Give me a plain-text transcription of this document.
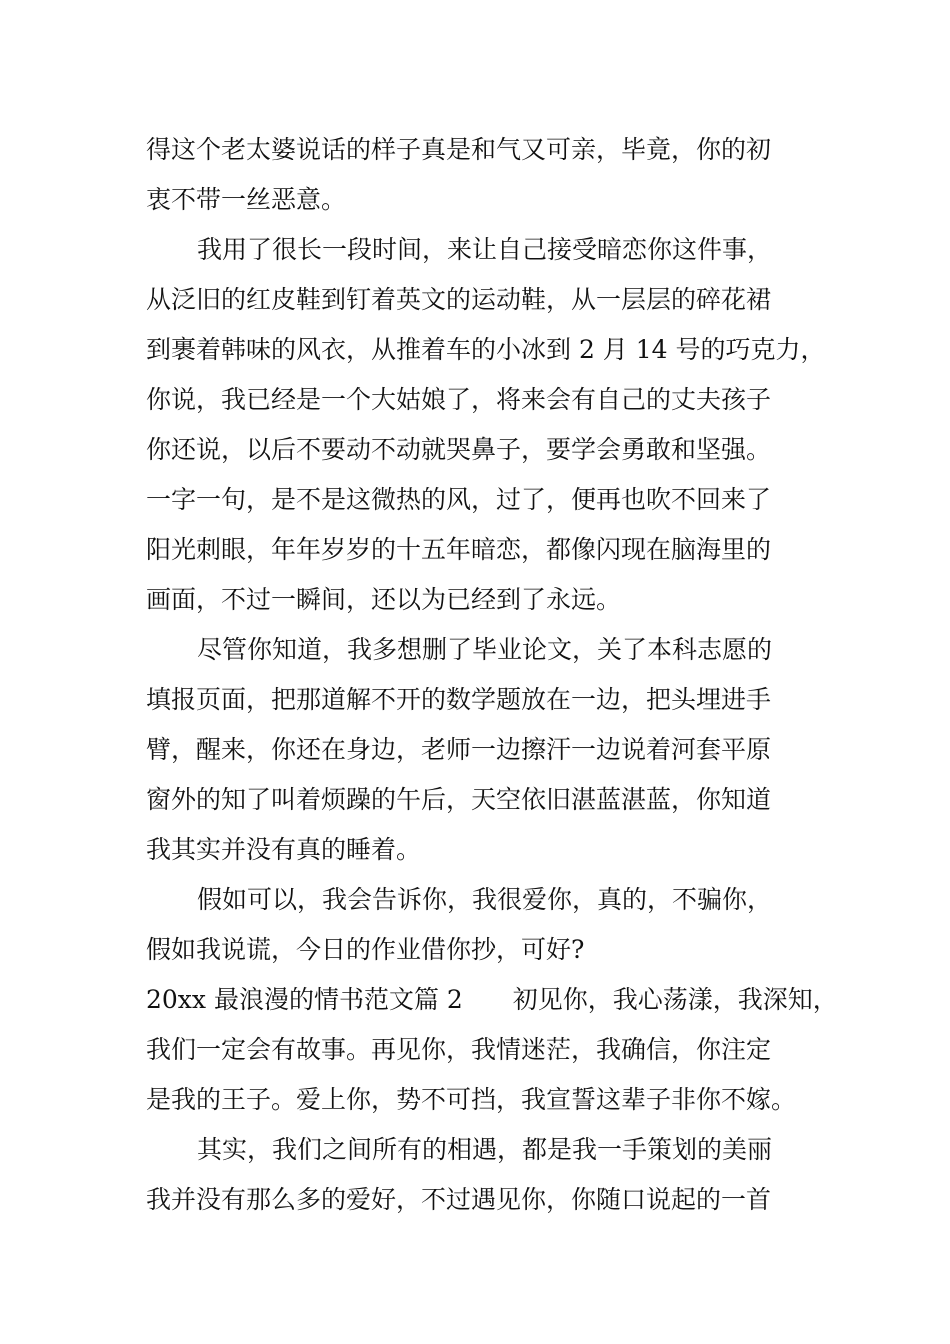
得这个老太婆说话的样子真是和气又可亲，毕竟，你的初

衷不带一丝恶意。

我用了很长一段时间，来让自己接受暗恋你这件事，

从泛旧的红皮鞋到钉着英文的运动鞋，从一层层的碎花裙

到裹着韩味的风衣，从推着车的小冰到 2 月 14 号的巧克力，

你说，我已经是一个大姑娘了，将来会有自己的丈夫孩子

你还说，以后不要动不动就哭鼻子，要学会勇敢和坚强。

一字一句，是不是这微热的风，过了，便再也吹不回来了

阳光刺眼，年年岁岁的十五年暗恋，都像闪现在脑海里的

画面，不过一瞬间，还以为已经到了永远。

尽管你知道，我多想删了毕业论文，关了本科志愿的

填报页面，把那道解不开的数学题放在一边，把头埋进手

臂，醒来，你还在身边，老师一边擦汗一边说着河套平原

窗外的知了叫着烦躁的午后，天空依旧湛蓝湛蓝，你知道

我其实并没有真的睡着。

假如可以，我会告诉你，我很爱你，真的，不骗你，

假如我说谎，今日的作业借你抄，可好?

20xx 最浪漫的情书范文篇 2　　初见你，我心荡漾，我深知，

我们一定会有故事。再见你，我情迷茫，我确信，你注定

是我的王子。爱上你，势不可挡，我宣誓这辈子非你不嫁。

其实，我们之间所有的相遇，都是我一手策划的美丽

我并没有那么多的爱好，不过遇见你，你随口说起的一首
